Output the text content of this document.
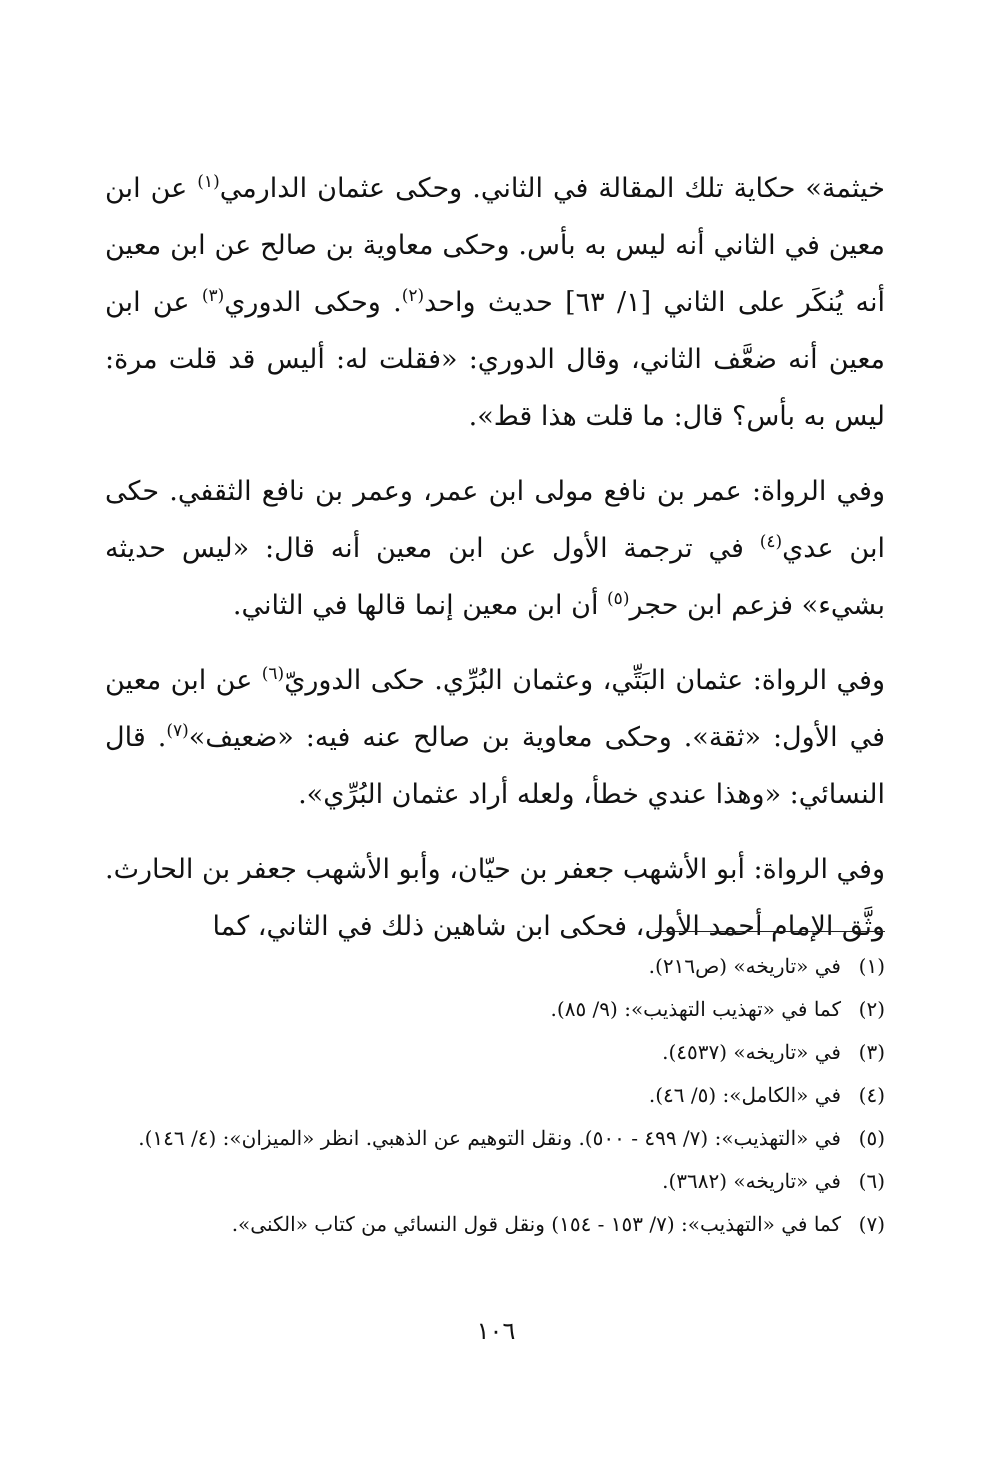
خيثمة» حكاية تلك المقالة في الثاني. وحكى عثمان الدارمي$^{(١)}$ عن ابن معين في الثاني أنه ليس به بأس. وحكى معاوية بن صالح عن ابن معين أنه يُنكَر على الثاني [١/ ٦٣] حديث واحد$^{(٢)}$. وحكى الدوري$^{(٣)}$ عن ابن معين أنه ضعَّف الثاني، وقال الدوري: «فقلت له: أليس قد قلت مرة: ليس به بأس؟ قال: ما قلت هذا قط».

وفي الرواة: عمر بن نافع مولى ابن عمر، وعمر بن نافع الثقفي. حكى ابن عدي$^{(٤)}$ في ترجمة الأول عن ابن معين أنه قال: «ليس حديثه بشيء» فزعم ابن حجر$^{(٥)}$ أن ابن معين إنما قالها في الثاني.

وفي الرواة: عثمان البَتِّي، وعثمان البُرِّي. حكى الدوريّ$^{(٦)}$ عن ابن معين في الأول: «ثقة». وحكى معاوية بن صالح عنه فيه: «ضعيف»$^{(٧)}$. قال النسائي: «وهذا عندي خطأ، ولعله أراد عثمان البُرِّي».

وفي الرواة: أبو الأشهب جعفر بن حيّان، وأبو الأشهب جعفر بن الحارث. وثَّق الإمام أحمد الأول، فحكى ابن شاهين ذلك في الثاني، كما

(١)
في «تاريخه» (ص٢١٦).
(٢)
كما في «تهذيب التهذيب»: (٩/ ٨٥).
(٣)
في «تاريخه» (٤٥٣٧).
(٤)
في «الكامل»: (٥/ ٤٦).
(٥)
في «التهذيب»: (٧/ ٤٩٩ - ٥٠٠). ونقل التوهيم عن الذهبي. انظر «الميزان»: (٤/ ١٤٦).
(٦)
في «تاريخه» (٣٦٨٢).
(٧)
كما في «التهذيب»: (٧/ ١٥٣ - ١٥٤) ونقل قول النسائي من كتاب «الكنى».
١٠٦
